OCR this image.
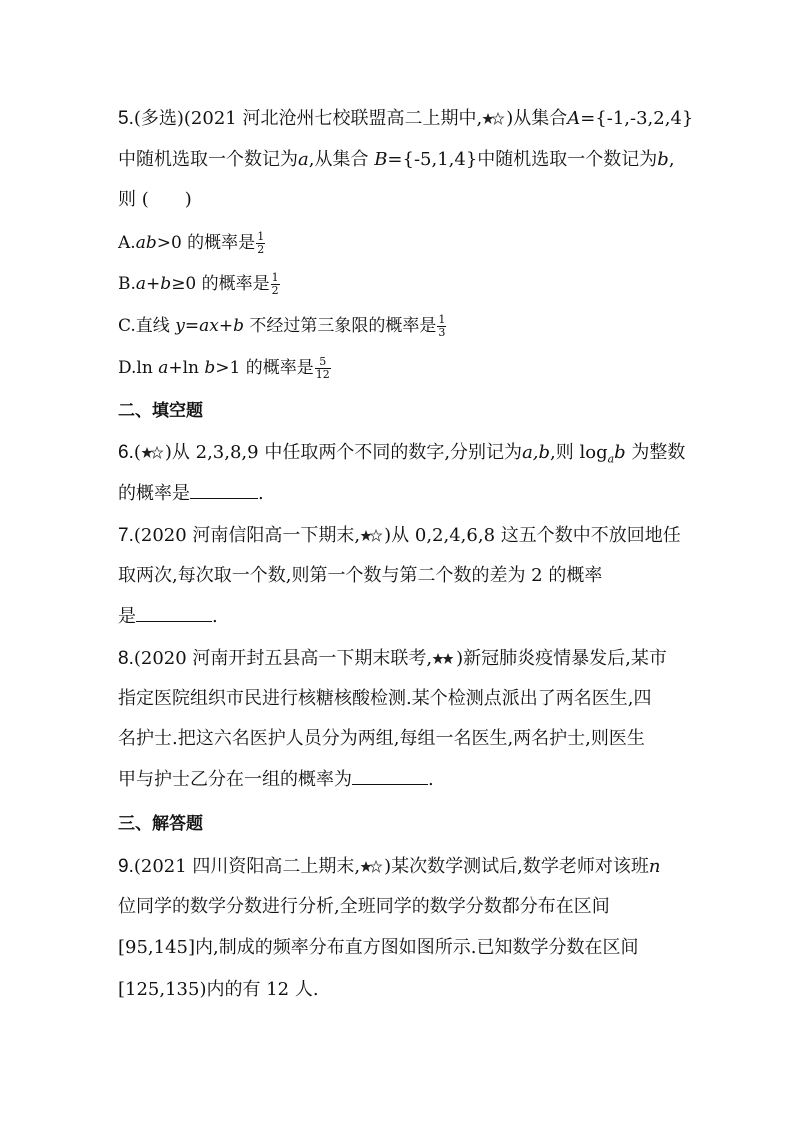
5.(多选)(2021 河北沧州七校联盟高二上期中, )从集合A={-1,-3,2,4}
中随机选取一个数记为a,从集合 B={-5,1,4}中随机选取一个数记为b,
则 (　　)
A.ab>0 的概率是 $\frac{1}{2}$
B.a+b≥0 的概率是 $\frac{1}{2}$
C.直线 y=ax+b 不经过第三象限的概率是 $\frac{1}{3}$
D.ln a+ln b>1 的概率是 $\frac{5}{12}$
二、填空题
6.( )从 2,3,8,9 中任取两个不同的数字,分别记为a,b,则 $\log_ab$ 为整数
的概率是	.
7.(2020 河南信阳高一下期末, )从 0,2,4,6,8 这五个数中不放回地任
取两次,每次取一个数,则第一个数与第二个数的差为 2 的概率
是	.
8.(2020 河南开封五县高一下期末联考, )新冠肺炎疫情暴发后,某市
指定医院组织市民进行核糖核酸检测.某个检测点派出了两名医生,四
名护士.把这六名医护人员分为两组,每组一名医生,两名护士,则医生
甲与护士乙分在一组的概率为	.
三、解答题
9.(2021 四川资阳高二上期末, )某次数学测试后,数学老师对该班n
位同学的数学分数进行分析,全班同学的数学分数都分布在区间
[95,145]内,制成的频率分布直方图如图所示.已知数学分数在区间
[125,135)内的有 12 人.
